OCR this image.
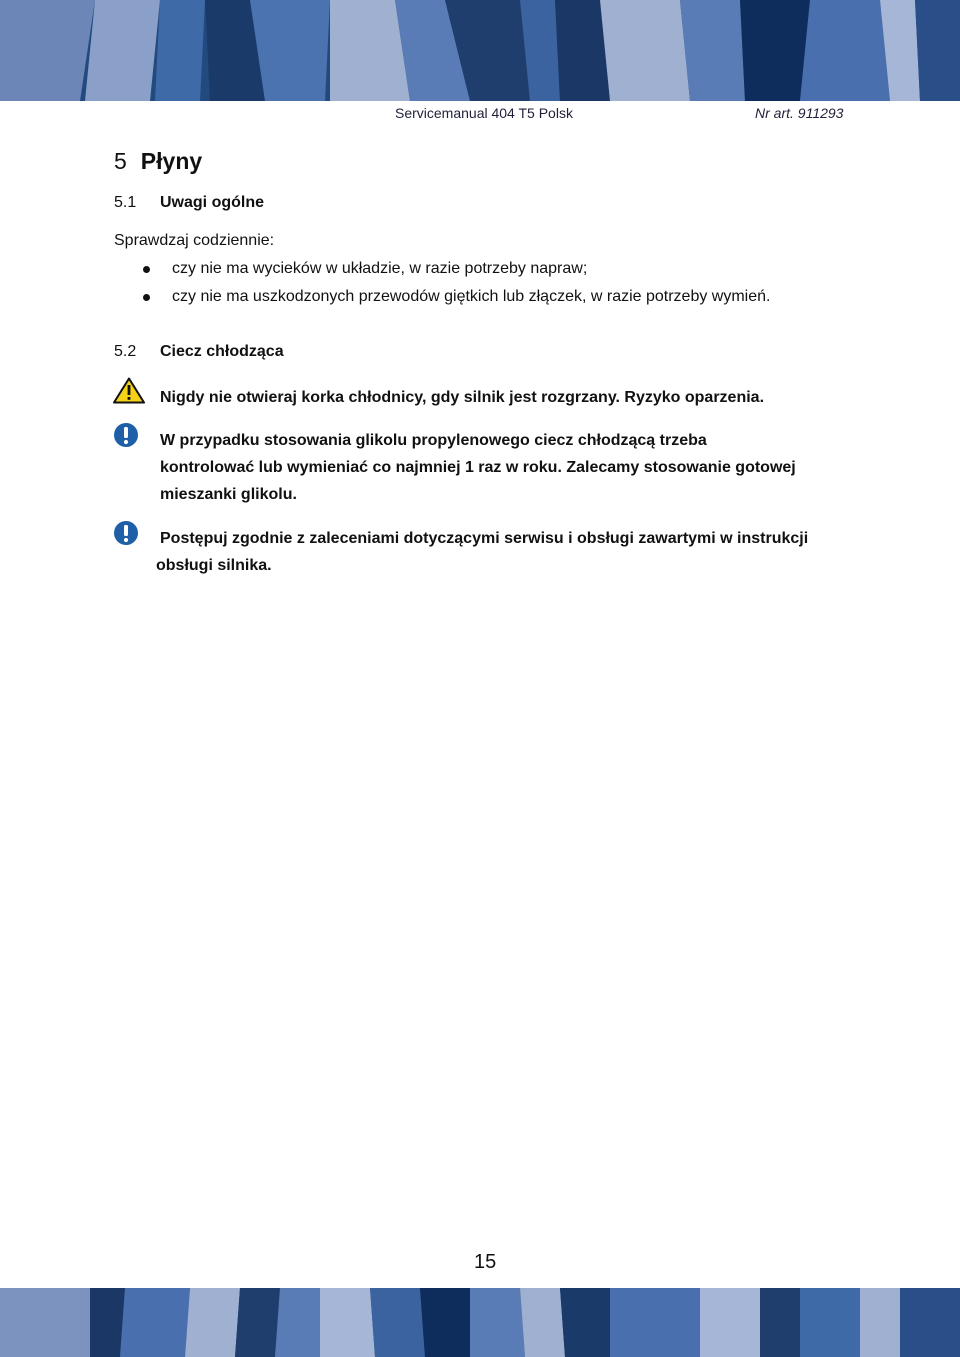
Servicemanual 404 T5 Polsk	Nr art. 911293
5 Płyny
5.1 Uwagi ogólne
Sprawdzaj codziennie:
czy nie ma wycieków w układzie, w razie potrzeby napraw;
czy nie ma uszkodzonych przewodów giętkich lub złączek, w razie potrzeby wymień.
5.2 Ciecz chłodząca
Nigdy nie otwieraj korka chłodnicy, gdy silnik jest rozgrzany. Ryzyko oparzenia.
W przypadku stosowania glikolu propylenowego ciecz chłodzącą trzeba
kontrolować lub wymieniać co najmniej 1 raz w roku. Zalecamy stosowanie gotowej
mieszanki glikolu.
Postępuj zgodnie z zaleceniami dotyczącymi serwisu i obsługi zawartymi w instrukcji
obsługi silnika.
15
